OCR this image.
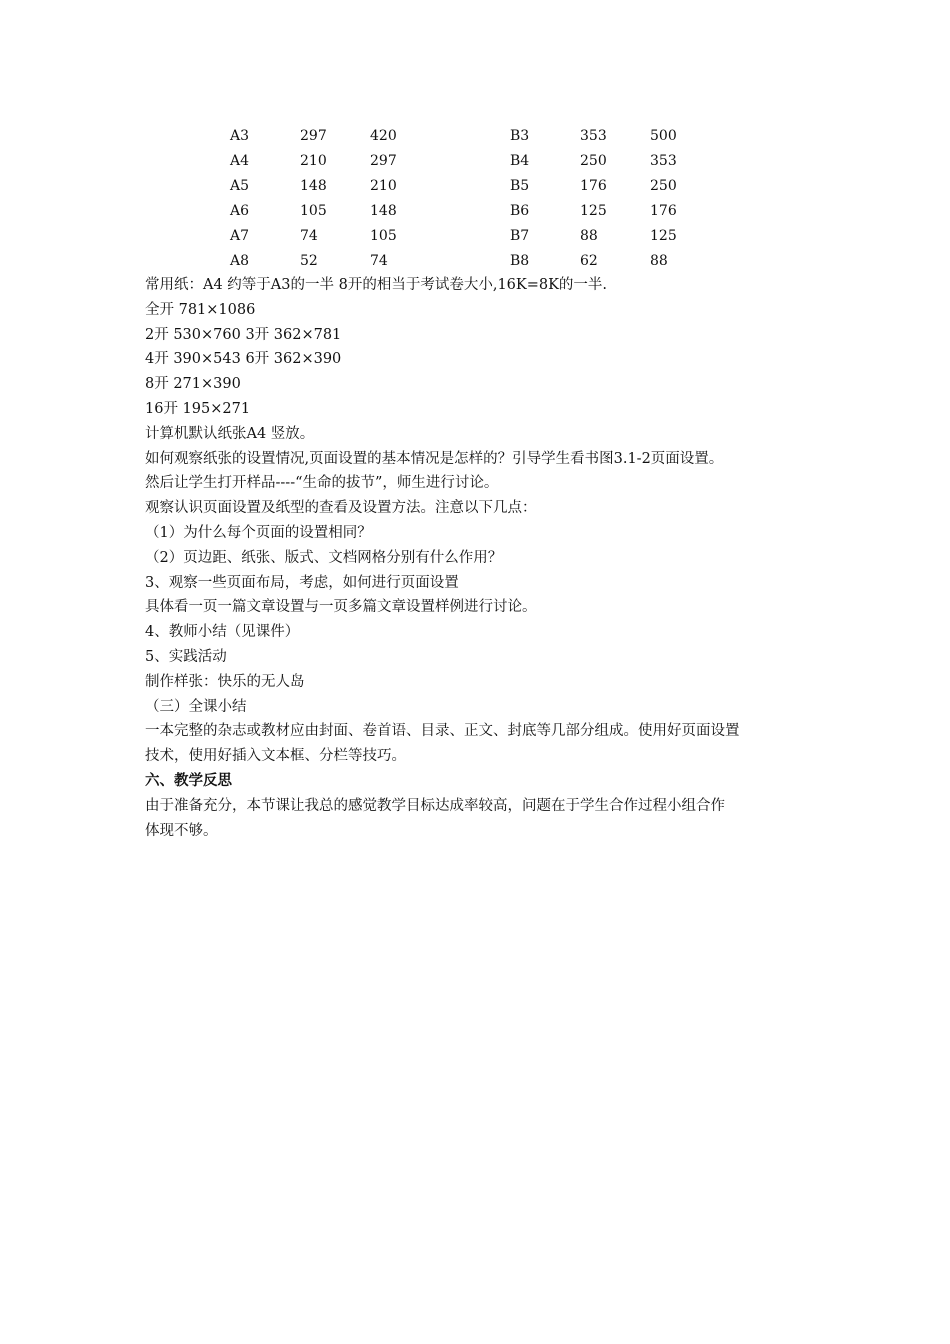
A3	297	420	B3	353	500
A4	210	297	B4	250	353
A5	148	210	B5	176	250
A6	105	148	B6	125	176
A7	74	105	B7	88	125
A8	52	74	B8	62	88
常用纸：A4 约等于A3的一半 8开的相当于考试卷大小,16K=8K的一半.
全开 781×1086
2开 530×760 3开 362×781
4开 390×543 6开 362×390
8开 271×390
16开 195×271
计算机默认纸张A4 竖放。
如何观察纸张的设置情况,页面设置的基本情况是怎样的？引导学生看书图3.1-2页面设置。
然后让学生打开样品----“生命的拔节”，师生进行讨论。
观察认识页面设置及纸型的查看及设置方法。注意以下几点：
（1）为什么每个页面的设置相同？
（2）页边距、纸张、版式、文档网格分别有什么作用？
3、观察一些页面布局，考虑，如何进行页面设置
具体看一页一篇文章设置与一页多篇文章设置样例进行讨论。
4、教师小结（见课件）
5、实践活动
制作样张：快乐的无人岛
（三）全课小结
一本完整的杂志或教材应由封面、卷首语、目录、正文、封底等几部分组成。使用好页面设置
技术，使用好插入文本框、分栏等技巧。
六、教学反思
由于准备充分，本节课让我总的感觉教学目标达成率较高，问题在于学生合作过程小组合作
体现不够。
